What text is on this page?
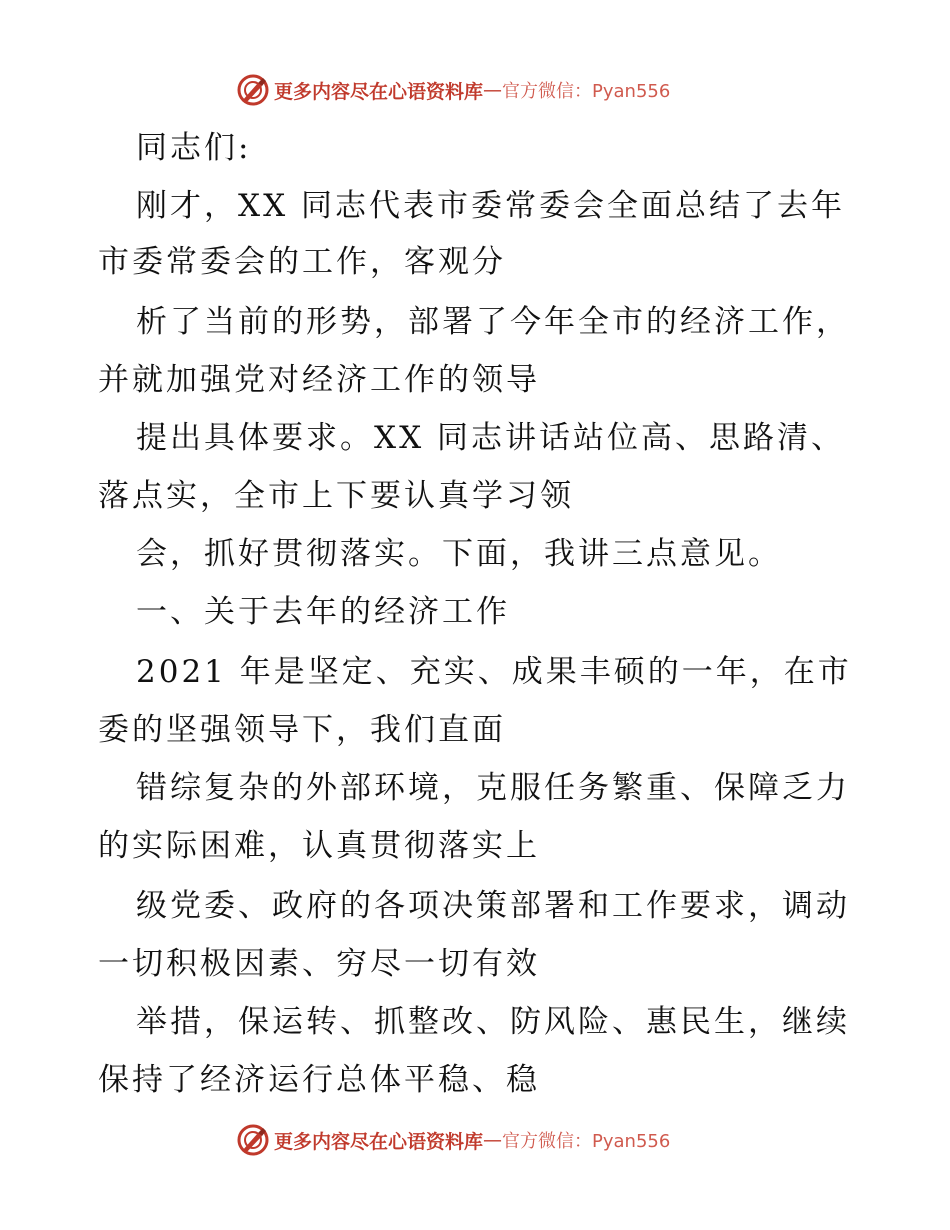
更多内容尽在心语资料库 — 官方微信：Pyan556
同志们:
刚才，XX 同志代表市委常委会全面总结了去年
市委常委会的工作，客观分
析了当前的形势，部署了今年全市的经济工作，
并就加强党对经济工作的领导
提出具体要求。XX 同志讲话站位高、思路清、
落点实，全市上下要认真学习领
会，抓好贯彻落实。下面，我讲三点意见。
一、关于去年的经济工作
2021 年是坚定、充实、成果丰硕的一年，在市
委的坚强领导下，我们直面
错综复杂的外部环境，克服任务繁重、保障乏力
的实际困难，认真贯彻落实上
级党委、政府的各项决策部署和工作要求，调动
一切积极因素、穷尽一切有效
举措，保运转、抓整改、防风险、惠民生，继续
保持了经济运行总体平稳、稳
更多内容尽在心语资料库 — 官方微信：Pyan556
